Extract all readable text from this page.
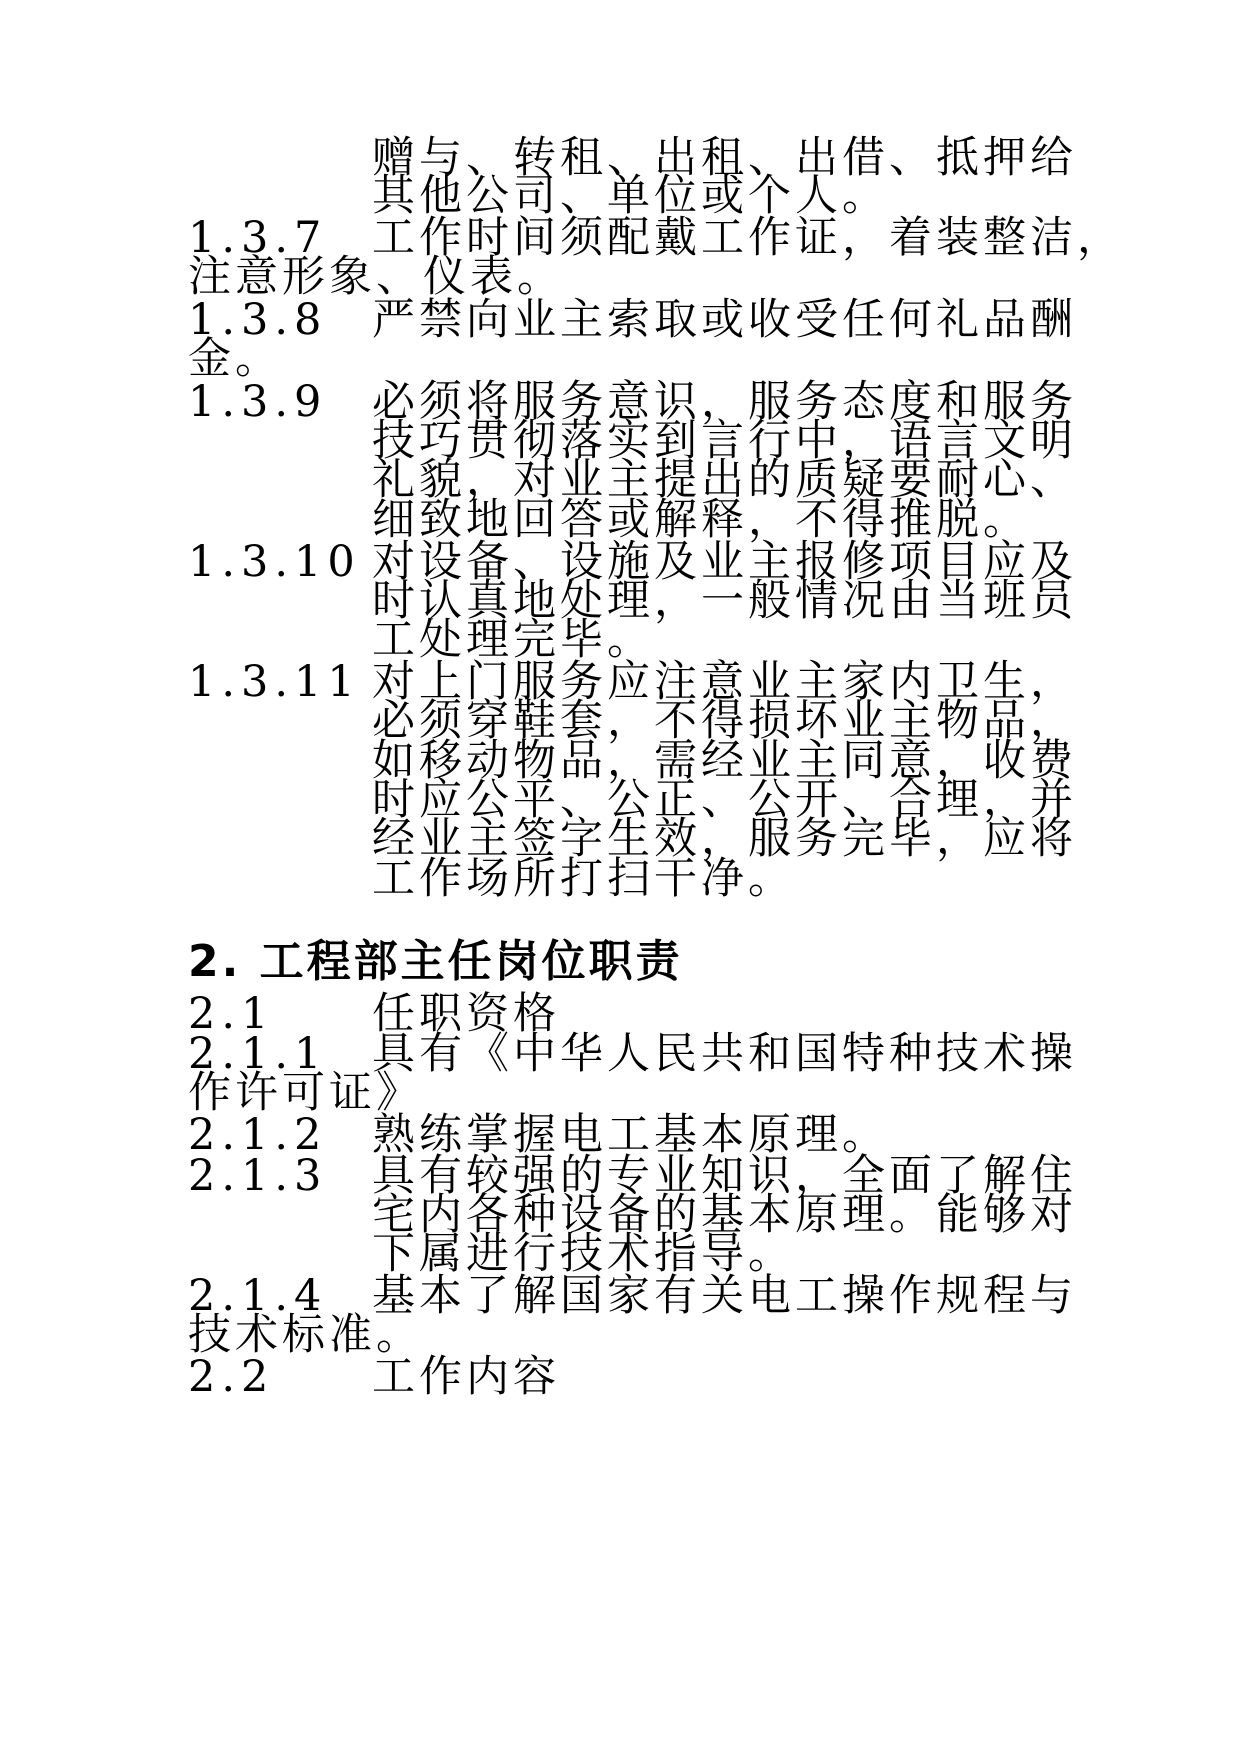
赠与、转租、出租、出借、抵押给
其他公司、单位或个人。
1.3.7 工作时间须配戴工作证，着装整洁，
注意形象、仪表。
1.3.8 严禁向业主索取或收受任何礼品酬
金。
1.3.9 必须将服务意识，服务态度和服务
技巧贯彻落实到言行中，语言文明
礼貌，对业主提出的质疑要耐心、
细致地回答或解释，不得推脱。
1.3.10 对设备、设施及业主报修项目应及
时认真地处理，一般情况由当班员
工处理完毕。
1.3.11 对上门服务应注意业主家内卫生，
必须穿鞋套，不得损坏业主物品，
如移动物品，需经业主同意，收费
时应公平、公正、公开、合理，并
经业主签字生效，服务完毕，应将
工作场所打扫干净。
2. 工程部主任岗位职责
2.1 任职资格
2.1.1 具有《中华人民共和国特种技术操
作许可证》
2.1.2 熟练掌握电工基本原理。
2.1.3 具有较强的专业知识，全面了解住
宅内各种设备的基本原理。能够对
下属进行技术指导。
2.1.4 基本了解国家有关电工操作规程与
技术标准。
2.2 工作内容
